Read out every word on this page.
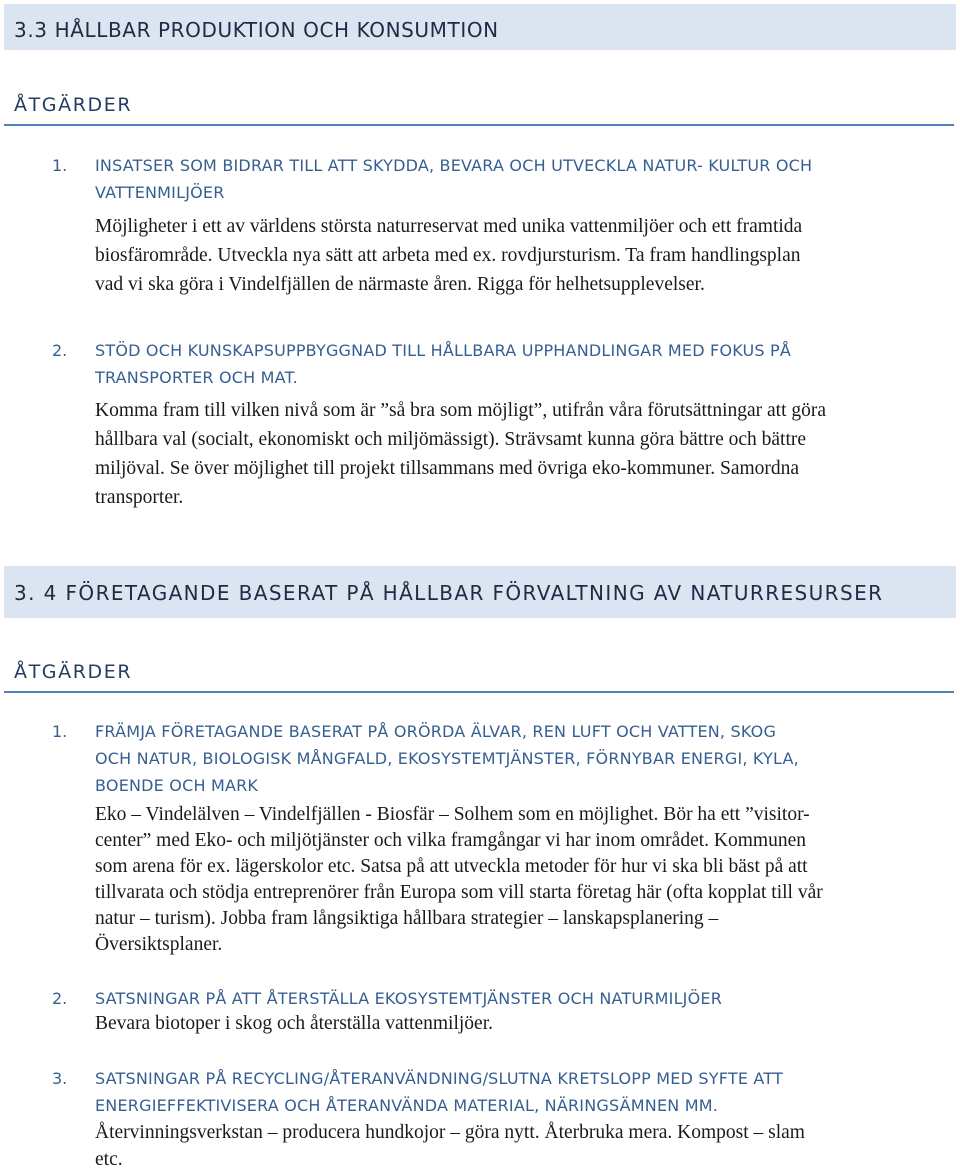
3.3 HÅLLBAR PRODUKTION OCH KONSUMTION
ÅTGÄRDER
1. INSATSER SOM BIDRAR TILL ATT SKYDDA, BEVARA OCH UTVECKLA NATUR- KULTUR OCH
VATTENMILJÖER
Möjligheter i ett av världens största naturreservat med unika vattenmiljöer och ett framtida
biosfärområde. Utveckla nya sätt att arbeta med ex. rovdjursturism. Ta fram handlingsplan
vad vi ska göra i Vindelfjällen de närmaste åren. Rigga för helhetsupplevelser.
2. STÖD OCH KUNSKAPSUPPBYGGNAD TILL HÅLLBARA UPPHANDLINGAR MED FOKUS PÅ
TRANSPORTER OCH MAT.
Komma fram till vilken nivå som är ”så bra som möjligt”, utifrån våra förutsättningar att göra
hållbara val (socialt, ekonomiskt och miljömässigt). Strävsamt kunna göra bättre och bättre
miljöval. Se över möjlighet till projekt tillsammans med övriga eko-kommuner. Samordna
transporter.
3. 4 FÖRETAGANDE BASERAT PÅ HÅLLBAR FÖRVALTNING AV NATURRESURSER
ÅTGÄRDER
1. FRÄMJA FÖRETAGANDE BASERAT PÅ ORÖRDA ÄLVAR, REN LUFT OCH VATTEN, SKOG
OCH NATUR, BIOLOGISK MÅNGFALD, EKOSYSTEMTJÄNSTER, FÖRNYBAR ENERGI, KYLA,
BOENDE OCH MARK
Eko – Vindelälven – Vindelfjällen - Biosfär – Solhem som en möjlighet. Bör ha ett ”visitor-
center” med Eko- och miljötjänster och vilka framgångar vi har inom området. Kommunen
som arena för ex. lägerskolor etc. Satsa på att utveckla metoder för hur vi ska bli bäst på att
tillvarata och stödja entreprenörer från Europa som vill starta företag här (ofta kopplat till vår
natur – turism). Jobba fram långsiktiga hållbara strategier – lanskapsplanering –
Översiktsplaner.
2. SATSNINGAR PÅ ATT ÅTERSTÄLLA EKOSYSTEMTJÄNSTER OCH NATURMILJÖER
Bevara biotoper i skog och återställa vattenmiljöer.
3. SATSNINGAR PÅ RECYCLING/ÅTERANVÄNDNING/SLUTNA KRETSLOPP MED SYFTE ATT
ENERGIEFFEKTIVISERA OCH ÅTERANVÄNDA MATERIAL, NÄRINGSÄMNEN MM.
Återvinningsverkstan – producera hundkojor – göra nytt. Återbruka mera. Kompost – slam
etc.
